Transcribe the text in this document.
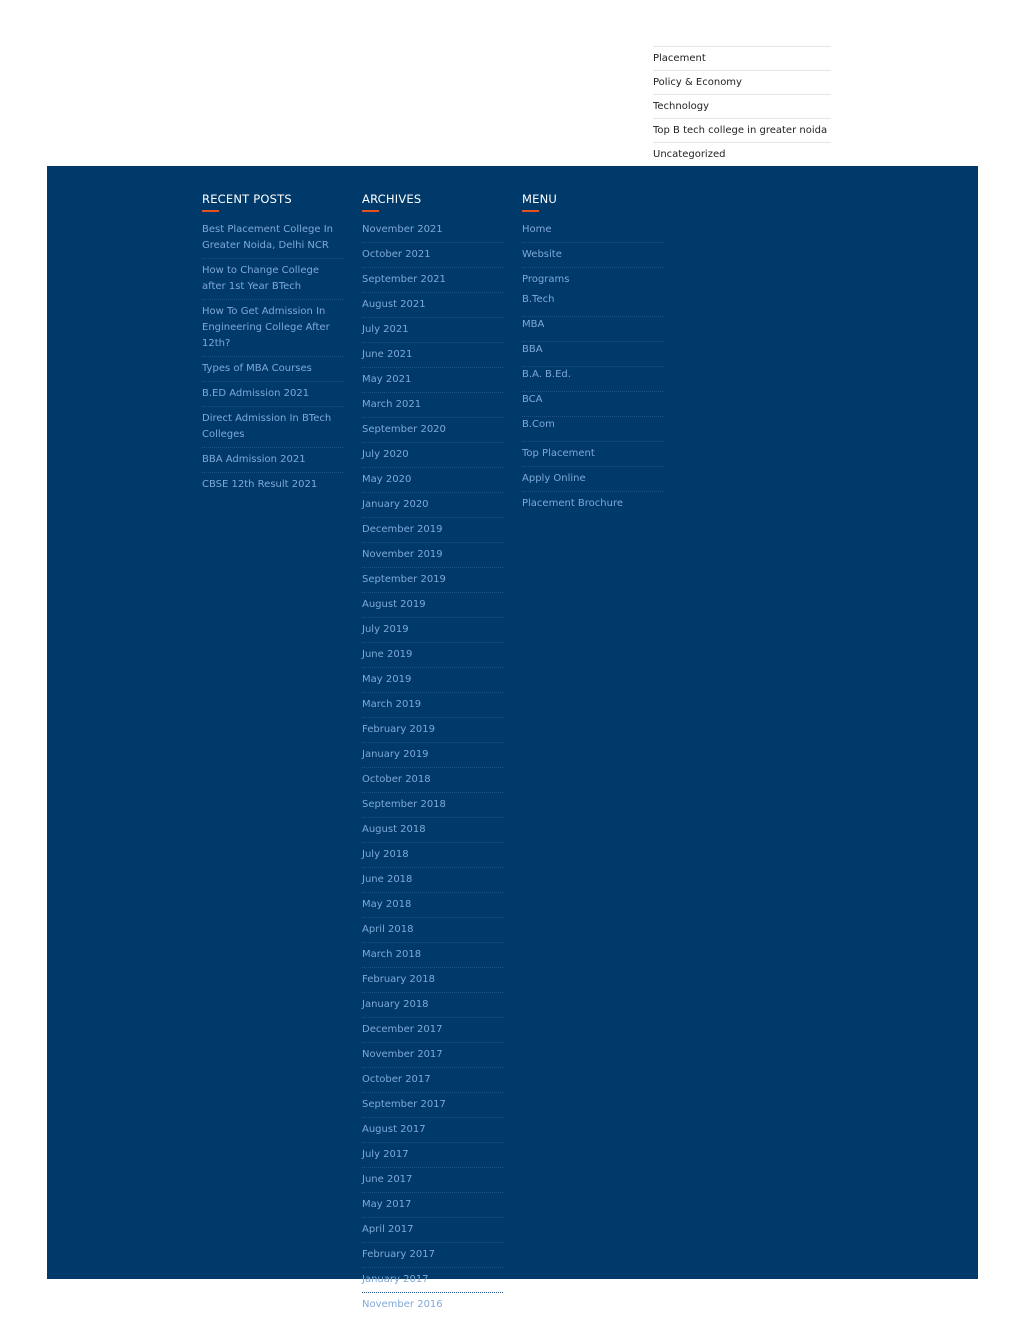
Placement
Policy & Economy
Technology
Top B tech college in greater noida
Uncategorized
RECENT POSTS
Best Placement College In Greater Noida, Delhi NCR
How to Change College after 1st Year BTech
How To Get Admission In Engineering College After 12th?
Types of MBA Courses
B.ED Admission 2021
Direct Admission In BTech Colleges
BBA Admission 2021
CBSE 12th Result 2021
ARCHIVES
November 2021
October 2021
September 2021
August 2021
July 2021
June 2021
May 2021
March 2021
September 2020
July 2020
May 2020
January 2020
December 2019
November 2019
September 2019
August 2019
July 2019
June 2019
May 2019
March 2019
February 2019
January 2019
October 2018
September 2018
August 2018
July 2018
June 2018
May 2018
April 2018
March 2018
February 2018
January 2018
December 2017
November 2017
October 2017
September 2017
August 2017
July 2017
June 2017
May 2017
April 2017
February 2017
January 2017
November 2016
MENU
Home
Website
Programs
B.Tech
MBA
BBA
B.A. B.Ed.
BCA
B.Com
Top Placement
Apply Online
Placement Brochure
